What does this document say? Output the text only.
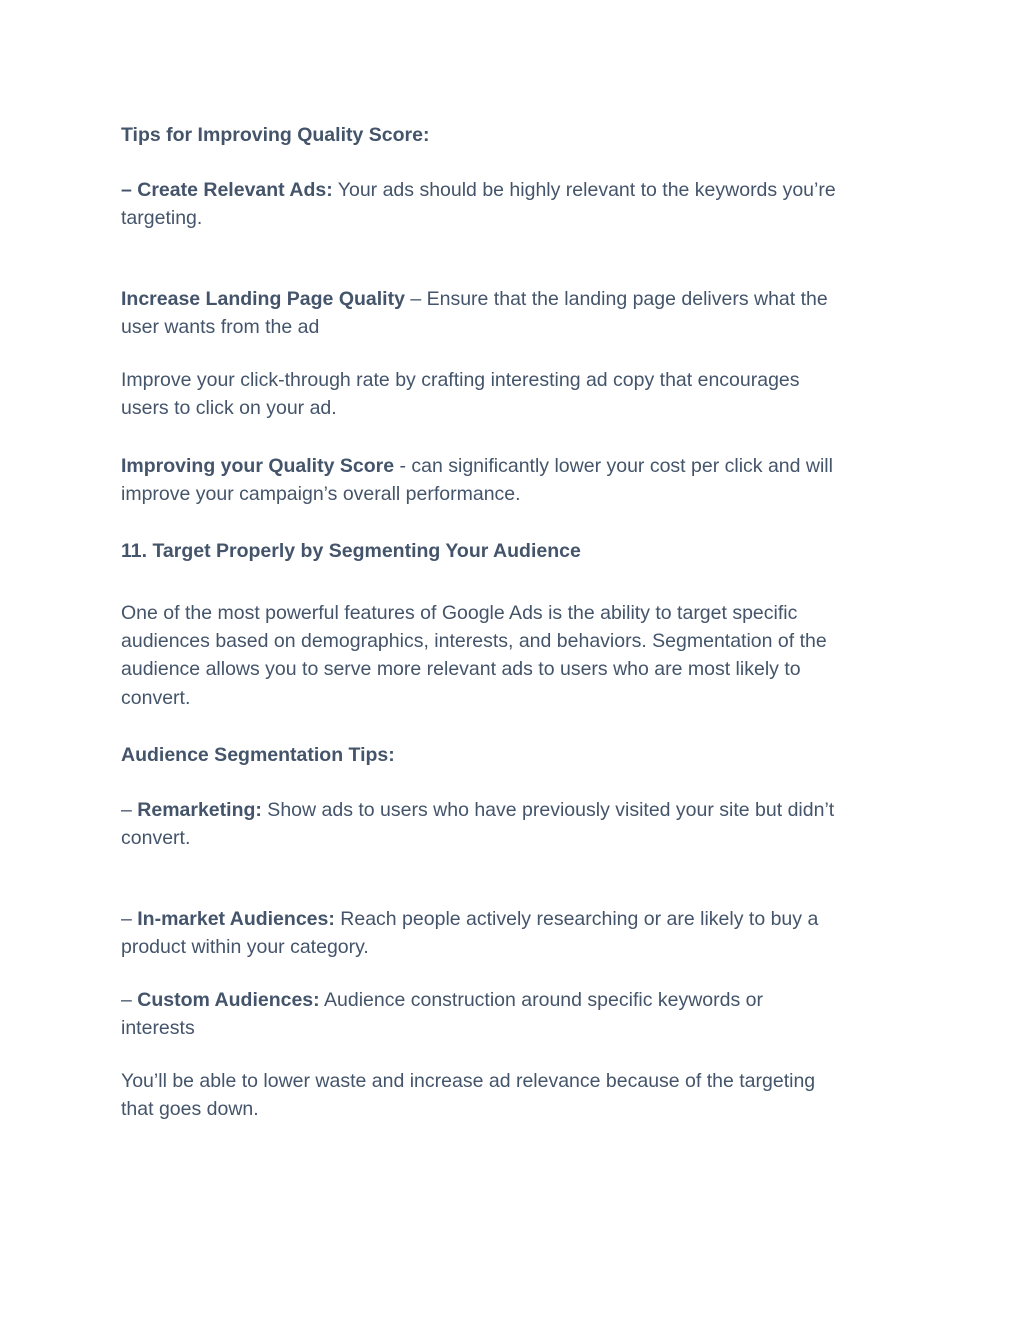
Tips for Improving Quality Score:
– Create Relevant Ads: Your ads should be highly relevant to the keywords you’re
targeting.
Increase Landing Page Quality – Ensure that the landing page delivers what the
user wants from the ad
Improve your click-through rate by crafting interesting ad copy that encourages
users to click on your ad.
Improving your Quality Score - can significantly lower your cost per click and will
improve your campaign’s overall performance.
11. Target Properly by Segmenting Your Audience
One of the most powerful features of Google Ads is the ability to target specific
audiences based on demographics, interests, and behaviors. Segmentation of the
audience allows you to serve more relevant ads to users who are most likely to
convert.
Audience Segmentation Tips:
– Remarketing: Show ads to users who have previously visited your site but didn’t
convert.
– In-market Audiences: Reach people actively researching or are likely to buy a
product within your category.
– Custom Audiences: Audience construction around specific keywords or
interests
You’ll be able to lower waste and increase ad relevance because of the targeting
that goes down.
